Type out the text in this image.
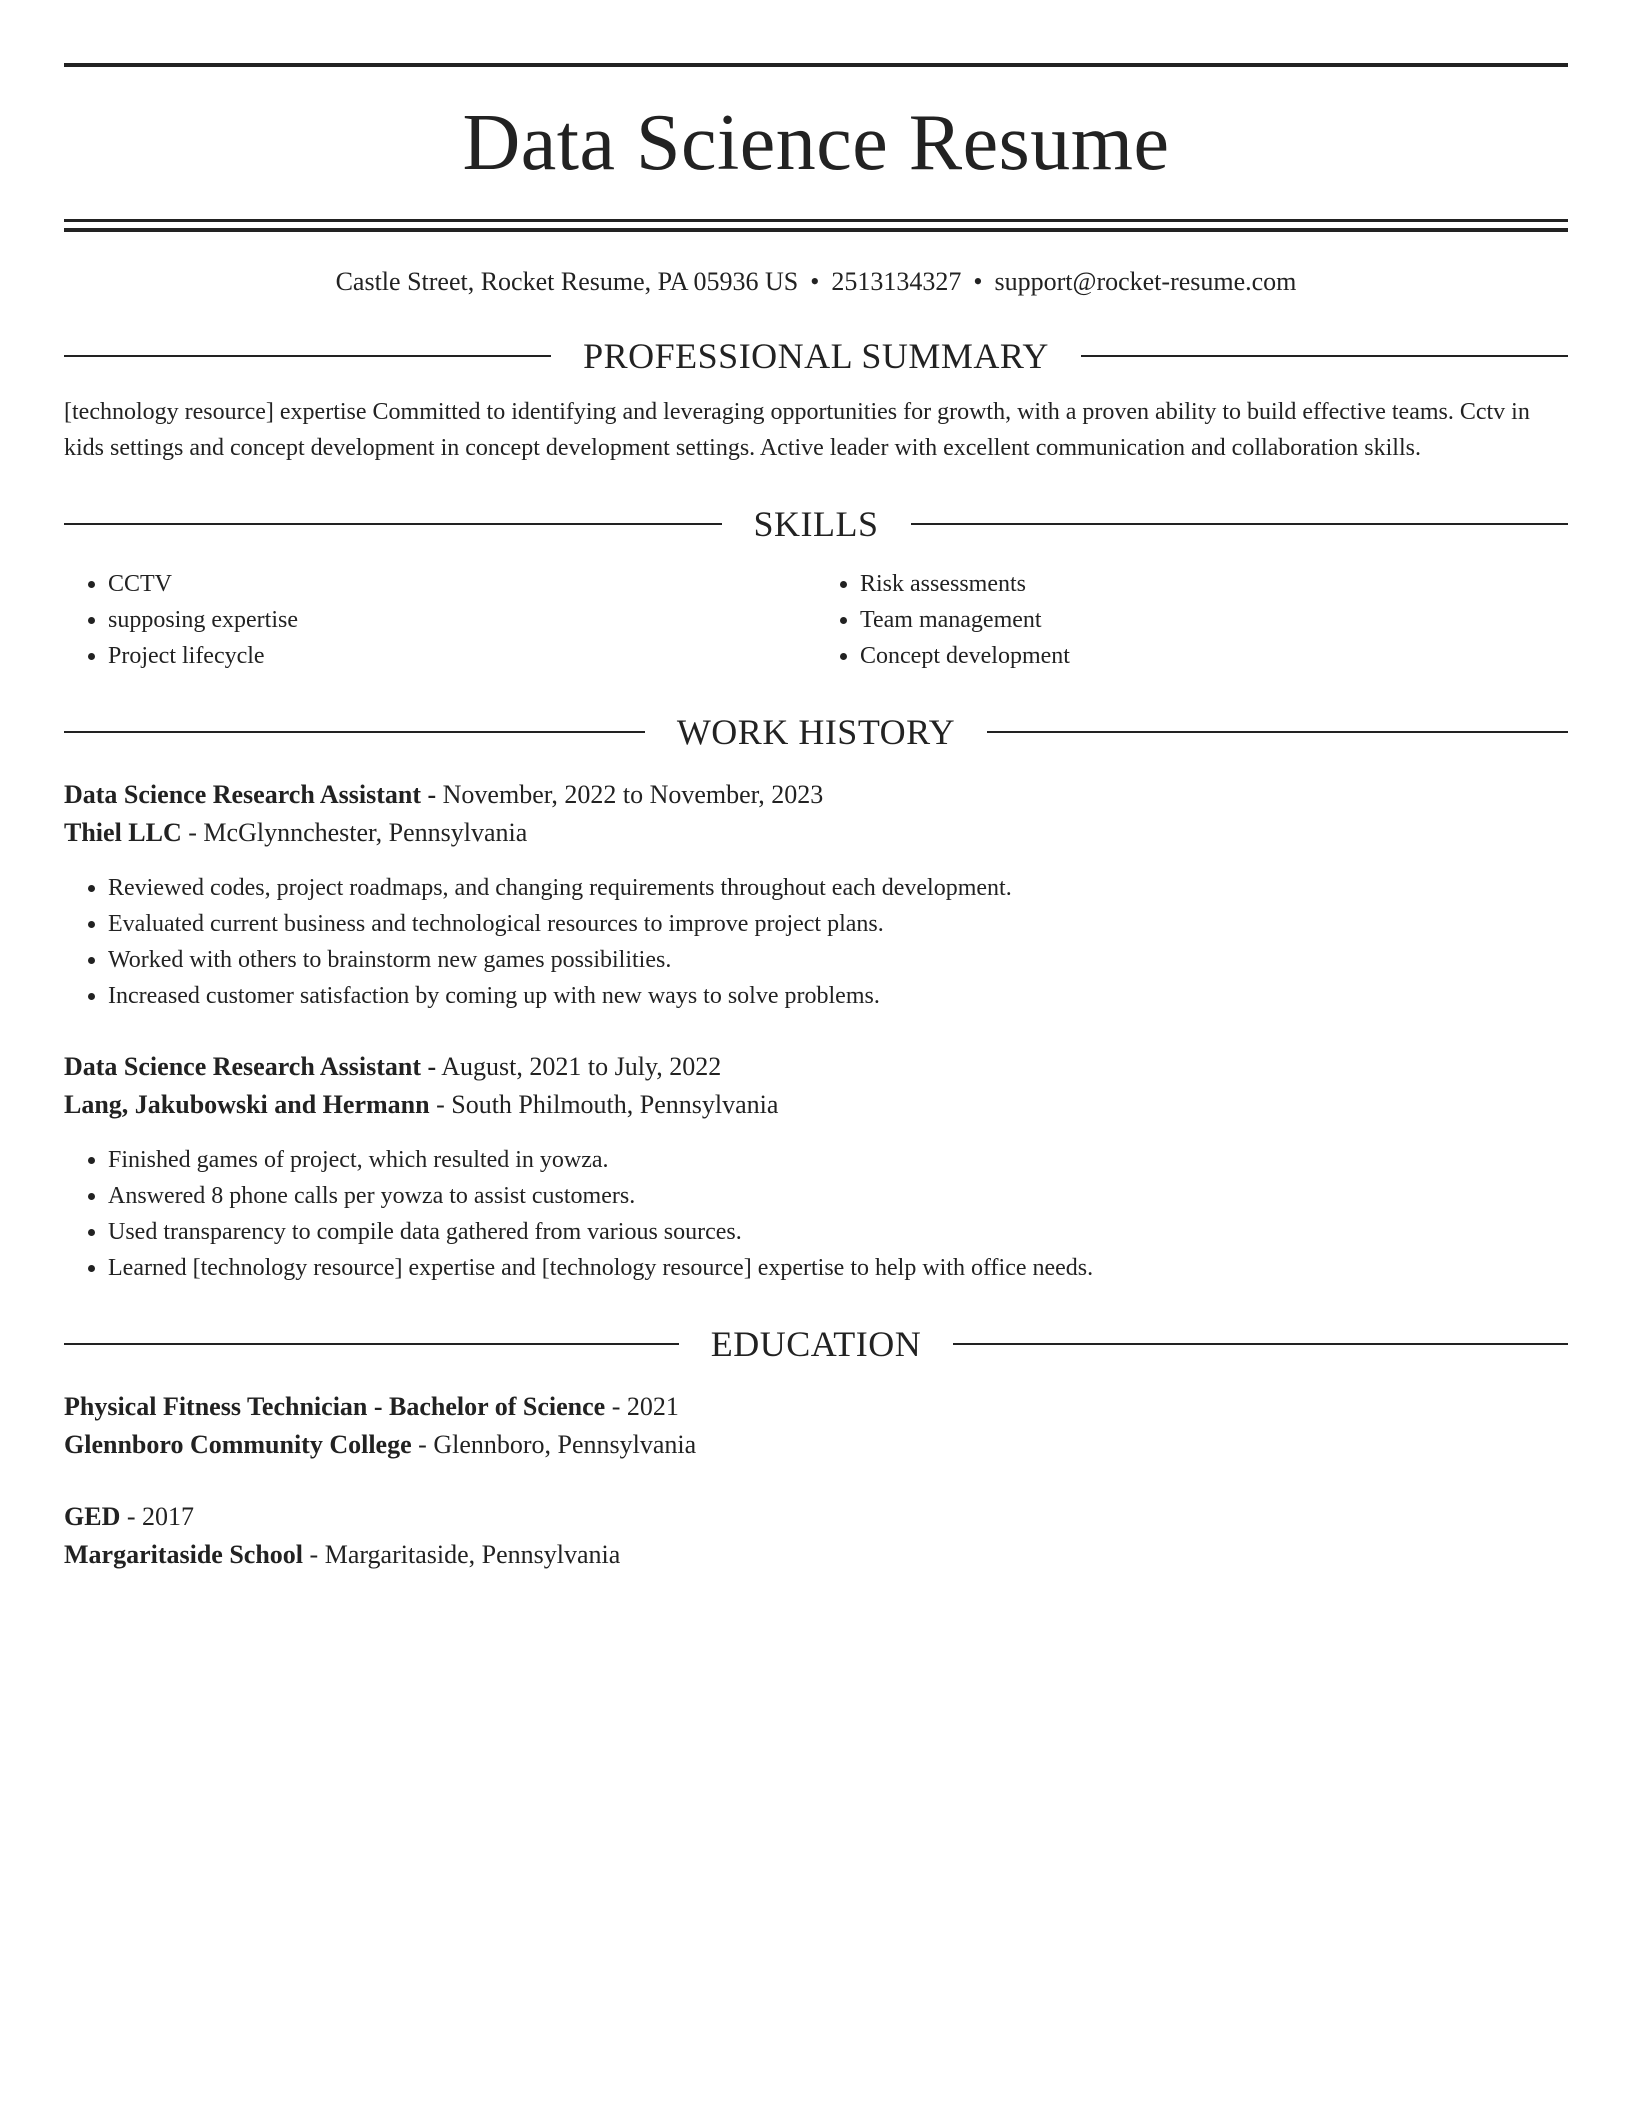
Data Science Resume
Castle Street, Rocket Resume, PA 05936 US • 2513134327 • support@rocket-resume.com
PROFESSIONAL SUMMARY
[technology resource] expertise Committed to identifying and leveraging opportunities for growth, with a proven ability to build effective teams. Cctv in kids settings and concept development in concept development settings. Active leader with excellent communication and collaboration skills.
SKILLS
• CCTV
• supposing expertise
• Project lifecycle
• Risk assessments
• Team management
• Concept development
WORK HISTORY
Data Science Research Assistant - November, 2022 to November, 2023
Thiel LLC - McGlynnchester, Pennsylvania
• Reviewed codes, project roadmaps, and changing requirements throughout each development.
• Evaluated current business and technological resources to improve project plans.
• Worked with others to brainstorm new games possibilities.
• Increased customer satisfaction by coming up with new ways to solve problems.
Data Science Research Assistant - August, 2021 to July, 2022
Lang, Jakubowski and Hermann - South Philmouth, Pennsylvania
• Finished games of project, which resulted in yowza.
• Answered 8 phone calls per yowza to assist customers.
• Used transparency to compile data gathered from various sources.
• Learned [technology resource] expertise and [technology resource] expertise to help with office needs.
EDUCATION
Physical Fitness Technician - Bachelor of Science - 2021
Glennboro Community College - Glennboro, Pennsylvania
GED - 2017
Margaritaside School - Margaritaside, Pennsylvania
